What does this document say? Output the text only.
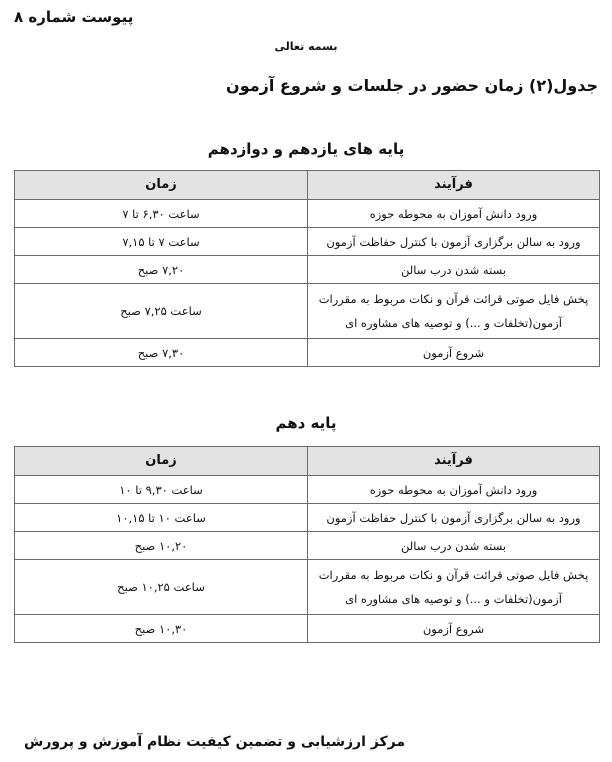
پیوست شماره ۸
بسمه تعالی
جدول(۲) زمان حضور در جلسات و شروع آزمون
پایه های یازدهم و دوازدهم
فرآیند	زمان
ورود دانش آموزان به محوطه حوزه	ساعت ۶,۳۰ تا ۷
ورود به سالن برگزاری آزمون با کنترل حفاظت آزمون	ساعت ۷ تا ۷,۱۵
بسته شدن درب سالن	۷,۲۰ صبح
پخش فایل صوتی قرائت قرآن و نکات مربوط به مقررات آزمون(تخلفات و ...) و توصیه های مشاوره ای	ساعت ۷,۲۵ صبح
شروع آزمون	۷,۳۰ صبح
پایه دهم
فرآیند	زمان
ورود دانش آموزان به محوطه حوزه	ساعت ۹,۳۰ تا ۱۰
ورود به سالن برگزاری آزمون با کنترل حفاظت آزمون	ساعت ۱۰ تا ۱۰,۱۵
بسته شدن درب سالن	۱۰,۲۰ صبح
پخش فایل صوتی قرائت قرآن و نکات مربوط به مقررات آزمون(تخلفات و ...) و توصیه های مشاوره ای	ساعت ۱۰,۲۵ صبح
شروع آزمون	۱۰,۳۰ صبح
مرکز ارزشیابی و تضمین کیفیت نظام آموزش و پرورش
